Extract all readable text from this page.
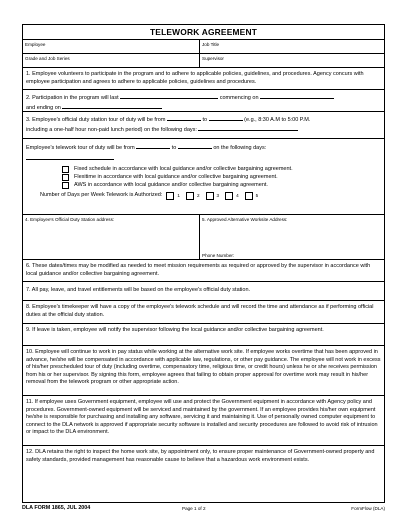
TELEWORK AGREEMENT
Employee	Job Title
Grade and Job Series	Supervisor
1. Employee volunteers to participate in the program and to adhere to applicable policies, guidelines, and procedures. Agency concurs with employee participation and agrees to adhere to applicable policies, guidelines and procedures.
2. Participation in the program will last	commencing on
and ending on
3. Employee's official duty station tour of duty will be from	to	(e.g., 8:30 A.M to 5:00 P.M.
including a one-half hour non-paid lunch period) on the following days:
Employee's telework tour of duty will be from	to	on the following days:
Fixed schedule in accordance with local guidance and/or collective bargaining agreement.
Flexitime in accordance with local guidance and/or collective bargaining agreement.
AWS in accordance with local guidance and/or collective bargaining agreement.
Number of Days per Week Telework is Authorized:	1	2	3	4	5
4. Employee's Official Duty Station address:	5. Approved Alternative Worksite Address:
Phone Number:
6. These dates/times may be modified as needed to meet mission requirements as required or approved by the supervisor in accordance with local guidance and/or collective bargaining agreement.
7. All pay, leave, and travel entitlements will be based on the employee's official duty station.
8. Employee's timekeeper will have a copy of the employee's telework schedule and will record the time and attendance as if performing official duties at the official duty station.
9. If leave is taken, employee will notify the supervisor following the local guidance and/or collective bargaining agreement.
10. Employee will continue to work in pay status while working at the alternative work site. If employee works overtime that has been approved in advance, he/she will be compensated in accordance with applicable law, regulations, or other pay guidance. The employee will not work in excess of his/her prescheduled tour of duty (including overtime, compensatory time, religious time, or credit hours) unless he or she receives permission from his or her supervisor. By signing this form, employee agrees that failing to obtain proper approval for overtime work may result in his/her removal from the telework program or other appropriate action.
11. If employee uses Government equipment, employee will use and protect the Government equipment in accordance with Agency policy and procedures. Government-owned equipment will be serviced and maintained by the government. If an employee provides his/her own equipment he/she is responsible for purchasing and installing any software, servicing it and maintaining it. Use of personally owned computer equipment to connect to the DLA network is approved if appropriate security software is installed and security procedures are followed to avoid risk of intrusion or impact to the DLA environment.
12. DLA retains the right to inspect the home work site, by appointment only, to ensure proper maintenance of Government-owned property and safety standards, provided management has reasonable cause to believe that a hazardous work environment exists.
DLA FORM 1865, JUL 2004	Page 1 of 2	FormFlow (DLA)
